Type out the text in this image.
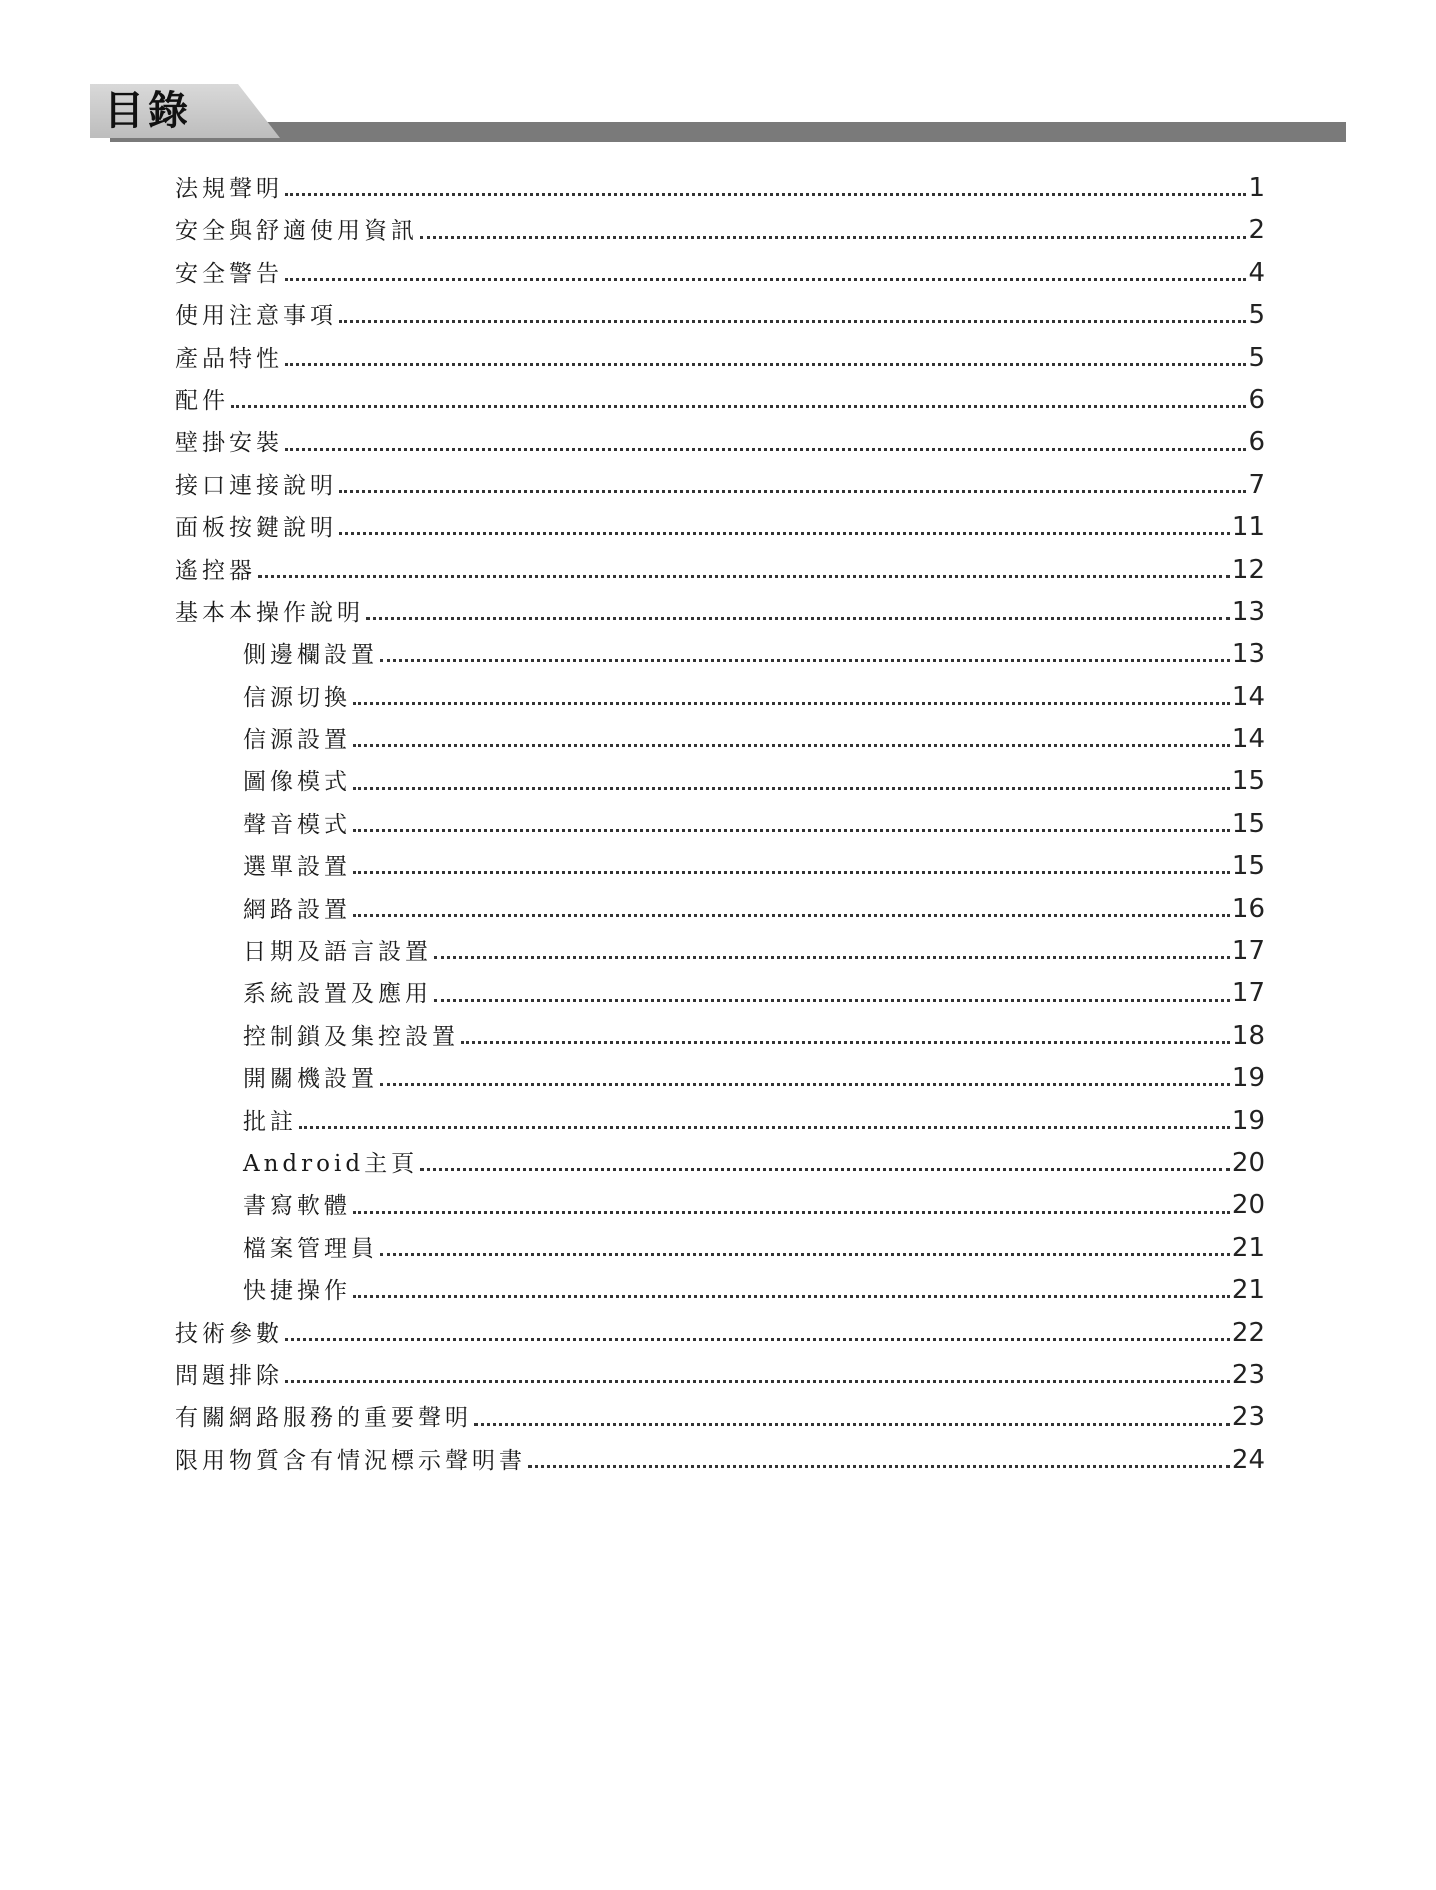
目錄
法規聲明	1
安全與舒適使用資訊	2
安全警告	4
使用注意事項	5
產品特性	5
配件	6
壁掛安裝	6
接口連接說明	7
面板按鍵說明	11
遙控器	12
基本本操作說明	13
側邊欄設置	13
信源切換	14
信源設置	14
圖像模式	15
聲音模式	15
選單設置	15
網路設置	16
日期及語言設置	17
系統設置及應用	17
控制鎖及集控設置	18
開關機設置	19
批註	19
Android主頁	20
書寫軟體	20
檔案管理員	21
快捷操作	21
技術參數	22
問題排除	23
有關網路服務的重要聲明	23
限用物質含有情況標示聲明書	24
